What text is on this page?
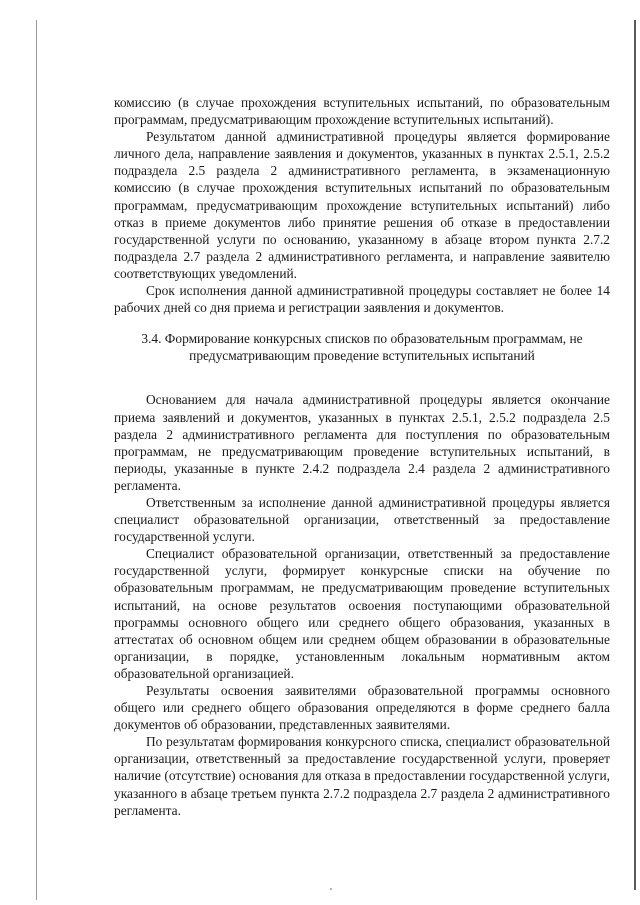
комиссию (в случае прохождения вступительных испытаний, по образовательным программам, предусматривающим прохождение вступительных испытаний).

Результатом данной административной процедуры является формирование личного дела, направление заявления и документов, указанных в пунктах 2.5.1, 2.5.2 подраздела 2.5 раздела 2 административного регламента, в экзаменационную комиссию (в случае прохождения вступительных испытаний по образовательным программам, предусматривающим прохождение вступительных испытаний) либо отказ в приеме документов либо принятие решения об отказе в предоставлении государственной услуги по основанию, указанному в абзаце втором пункта 2.7.2 подраздела 2.7 раздела 2 административного регламента, и направление заявителю соответствующих уведомлений.

Срок исполнения данной административной процедуры составляет не более 14 рабочих дней со дня приема и регистрации заявления и документов.

3.4. Формирование конкурсных списков по образовательным программам, не предусматривающим проведение вступительных испытаний

Основанием для начала административной процедуры является окончание приема заявлений и документов, указанных в пунктах 2.5.1, 2.5.2 подраздела 2.5 раздела 2 административного регламента для поступления по образовательным программам, не предусматривающим проведение вступительных испытаний, в периоды, указанные в пункте 2.4.2 подраздела 2.4 раздела 2 административного регламента.

Ответственным за исполнение данной административной процедуры является специалист образовательной организации, ответственный за предоставление государственной услуги.

Специалист образовательной организации, ответственный за предоставление государственной услуги, формирует конкурсные списки на обучение по образовательным программам, не предусматривающим проведение вступительных испытаний, на основе результатов освоения поступающими образовательной программы основного общего или среднего общего образования, указанных в аттестатах об основном общем или среднем общем образовании в образовательные организации, в порядке, установленным локальным нормативным актом образовательной организацией.

Результаты освоения заявителями образовательной программы основного общего или среднего общего образования определяются в форме среднего балла документов об образовании, представленных заявителями.

По результатам формирования конкурсного списка, специалист образовательной организации, ответственный за предоставление государственной услуги, проверяет наличие (отсутствие) основания для отказа в предоставлении государственной услуги, указанного в абзаце третьем пункта 2.7.2 подраздела 2.7 раздела 2 административного регламента.
